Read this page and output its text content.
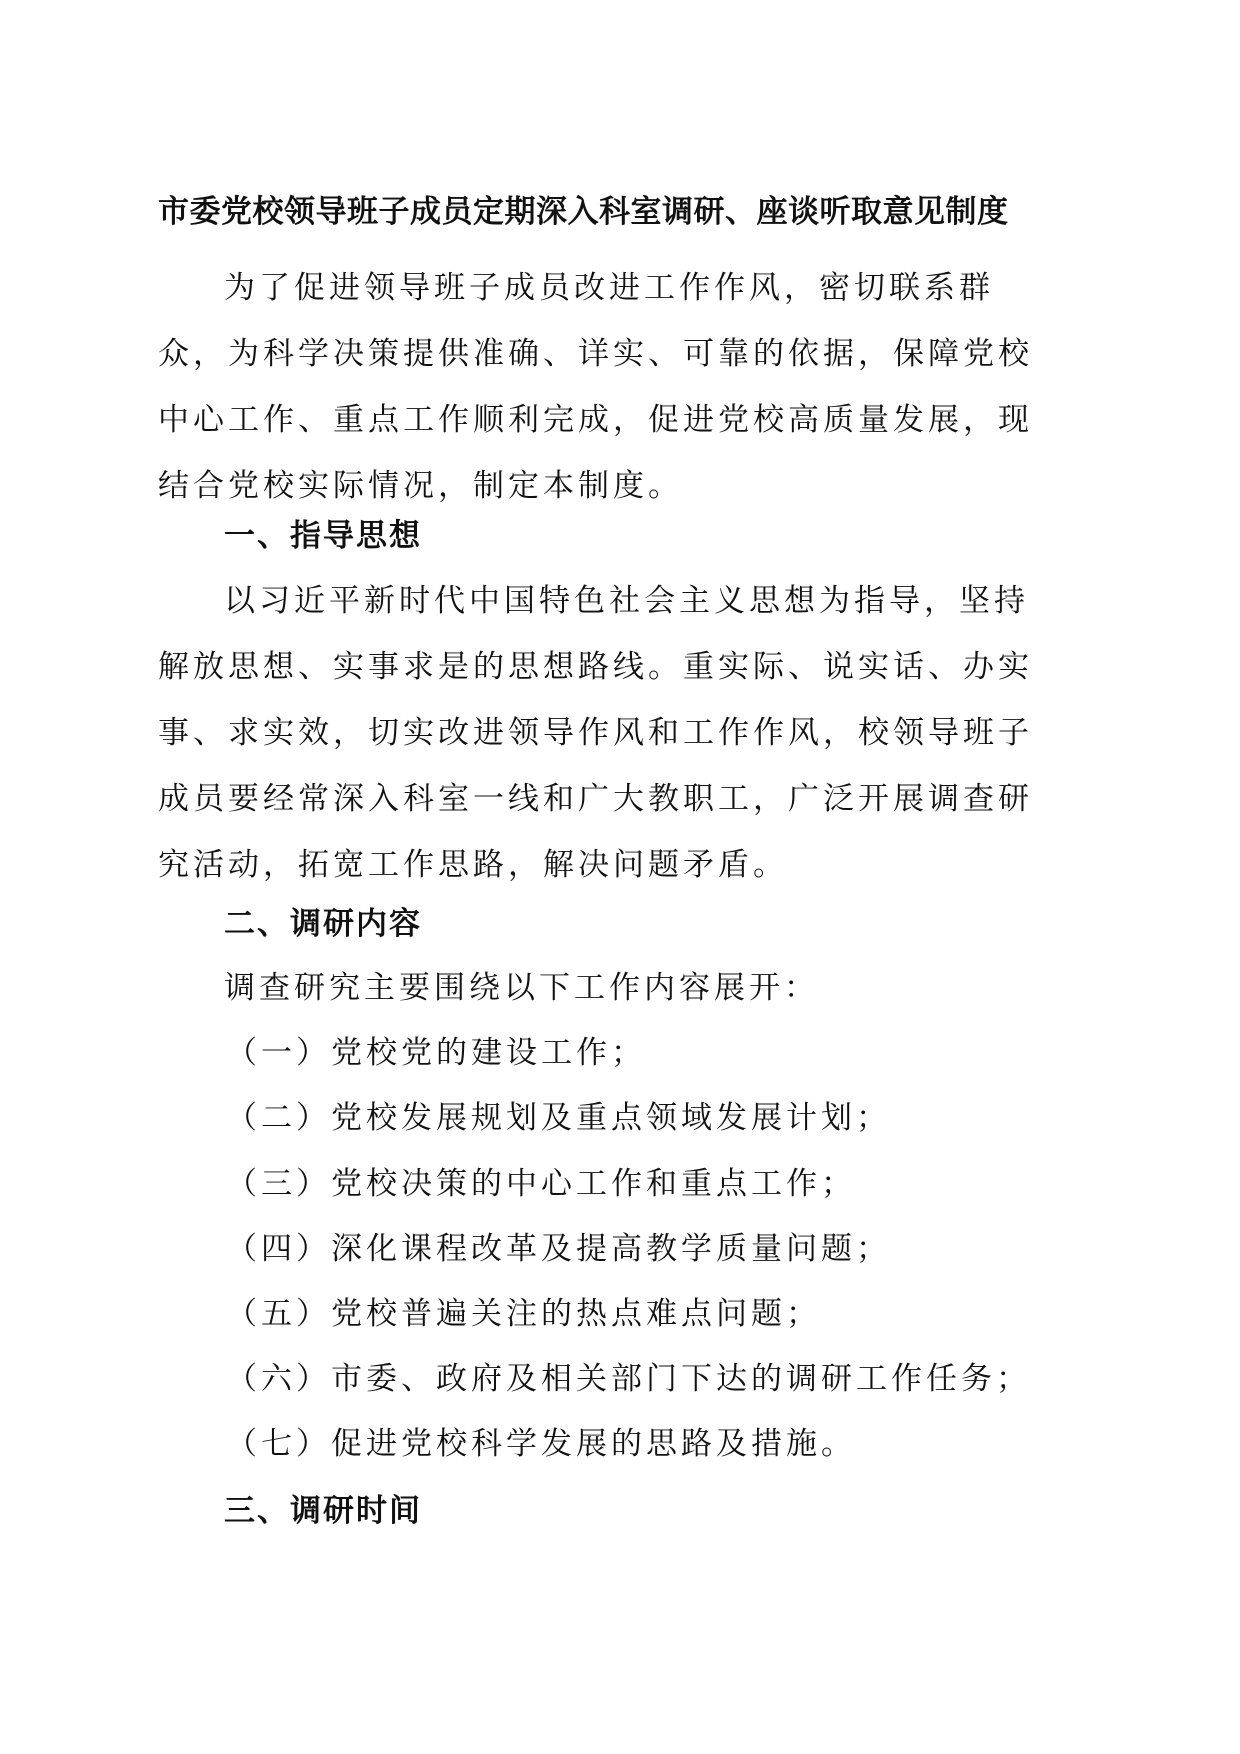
市委党校领导班子成员定期深入科室调研、座谈听取意见制度

为了促进领导班子成员改进工作作风，密切联系群众，为科学决策提供准确、详实、可靠的依据，保障党校中心工作、重点工作顺利完成，促进党校高质量发展，现结合党校实际情况，制定本制度。

一、指导思想

以习近平新时代中国特色社会主义思想为指导，坚持解放思想、实事求是的思想路线。重实际、说实话、办实事、求实效，切实改进领导作风和工作作风，校领导班子成员要经常深入科室一线和广大教职工，广泛开展调查研究活动，拓宽工作思路，解决问题矛盾。

二、调研内容

调查研究主要围绕以下工作内容展开：

（一）党校党的建设工作；

（二）党校发展规划及重点领域发展计划；

（三）党校决策的中心工作和重点工作；

（四）深化课程改革及提高教学质量问题；

（五）党校普遍关注的热点难点问题；

（六）市委、政府及相关部门下达的调研工作任务；

（七）促进党校科学发展的思路及措施。

三、调研时间
